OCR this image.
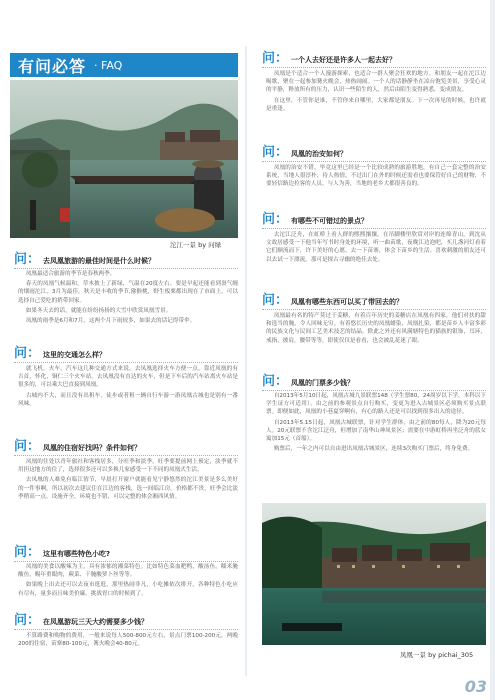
有问必答 · FAQ
沱江一景 by 问绿
问： 去凤凰旅游的最佳时间是什么时候？

凤凰最适合旅游的季节是春秋两季。

春天的凤凰气候温和，草木披上了新绿，气温在20度左右。要是早起还能看到袅气缠的烟雨沱江，3月为最佳。秋天是丰收的季节,猕猴桃，野生板栗都出现在了市面上，可以选择自己爱吃的捎带回家。

如果冬天去的话，就能在纷纷扬扬的大雪中欣赏凤凰雪景。

凤凰的雨季是6月和7月，这两个月下雨较多，如果去的话记得带伞。

问： 这里的交通怎么样？

就飞机，火车，汽车这几种交通方式来说，去凤凰选择火车方便一点。靠近凤凰的有吉首，怀化，铜仁三个火车站。去凤凰没有直达的火车，但是下车后的汽车站离火车站是很多的，可以乘大巴直接到凤凰。

古城内不大，而且没有出租车，徒步或者租一辆自行车游一游凤凰古城也是别有一番风味。

问： 凤凰的住宿好找吗？条件如何？

凤凰的住处以青年旅社和客栈居多，分旺季和淡季。旺季要提前网上预定，淡季就不用担这地方的住了，选择很多还可以多换几家感受一下不同的凤凰式生活。

去凤凰的人难免有临江情节，早晨打开窗户就能看见宁静悠然的沱江美景是多么美好的一件事啊。所以初次去建议住在江边的客栈，选一间临江房。价格都不贵，旺季会比淡季稍高一点。设施齐全，环境也不错，可以完整的体会湘西风情。

问： 这里有哪些特色小吃?

凤凰的美食以酸辣为主，具有浓郁的湘菜特色。比如特色菜血粑鸭，酸汤鱼，糯米腌酸鱼，赐年重眼肉，蕨菜、干腌酸萝卜丝等等。

如果晚上出去还可以去夜市逛逛，那里热闹非凡，小吃摊依次排开，各种特色小吃应有尽有，量多而且味美价廉。挑战胃口的时候到了。

问： 在凤凰游玩三天大约需要多少钱？

不算路费和购物的费用，一般来说每人500-800元左右，景点门票100-200元，两晚200的住宿，苗寨80-100元，篝火晚会40-80元。

问： 一个人去好还是许多人一起去好？

凤凰是个适合一个人漫游探索，也适合一群人聚会狂欢的地方。和朋友一起在沱江边喝歌，聚在一起参加篝火晚会，热热闹闹。一个人的话静静坐在凉台饱览美景，享受心灵的平静，释放所有的压力，认识一些陌生的人，然后由陌生变得熟悉，变成朋友。

在这里，不管你是谁，不管你来自哪里，大家都是朋友。下一次再见的时候，也许就是重逢。

问： 凤凰的治安如何？

凤凰的治安不错，毕竟这里已经是一个比较成熟的旅游胜地，有自己一套完整的治安系统，当地人很淳朴，待人热情。不过出门在外的时候还需看也要保管好自己的财物，不要轻信路边拉客的人员。与人为善，当地的老乡大都很善良的。

问： 有哪些不可错过的景点？

去沱江泛舟，在虹桥上看人群的熙熙攘攘，在吊脚楼里欣赏对岸的连绵青山，到沈从文故居感受一下他当年写书时身处的环境，听一曲苗歌，夜晚江边泡吧，买几盏河灯看着它们顺流而下，许下美好的心愿。去一下苗寨，体会下苗乡的生活。喜欢刺激的朋友还可以去试一下漂流，那可是探古寻幽的绝佳去处。

问： 凤凰有哪些东西可以买了带回去的？

凤凰最有名的特产莫过于姜糖，有着百年历史的姜糖店在凤凰有四家，他们对扶的甜和选当的腌，令人回味无穷。有着悠长历史的凤凰蜡染，凤凰扎染，都是苗乡人丰富多彩的民族文化与民间工艺美术技艺的结晶。除此之外还有风满塘特色的猫族的银饰，耳环，戒指，披肩，腰带等等，即使仅仅是看看，也会被乱花迷了眼。

问： 凤凰的门票多少钱？

自2013年5月10日起，凤凰古城九景联票148（学生票80，24周岁以下学，本科以下学生证方可适用），由之前的参观景点自行购买，变更为进入古城景区必须购买景点联票。即便如此，凤凰的小巷夏穿啊有，有心的路人还是可以找到很多出入的途径。

自2013年5.15日起，凤凰古城联票，针对学生群体，由之前的80每人，降为20元每人。20元联票不含沱江泛舟，但增加了南华山神凤景区；需要在中游虹桥再坐泛舟的蓝女寓加15元（首船）。

购票后，一年之内可以自由进出凤凰古城景区，连续3次购买门票后，终身免费。

凤凰一景 by pichai_305
03
